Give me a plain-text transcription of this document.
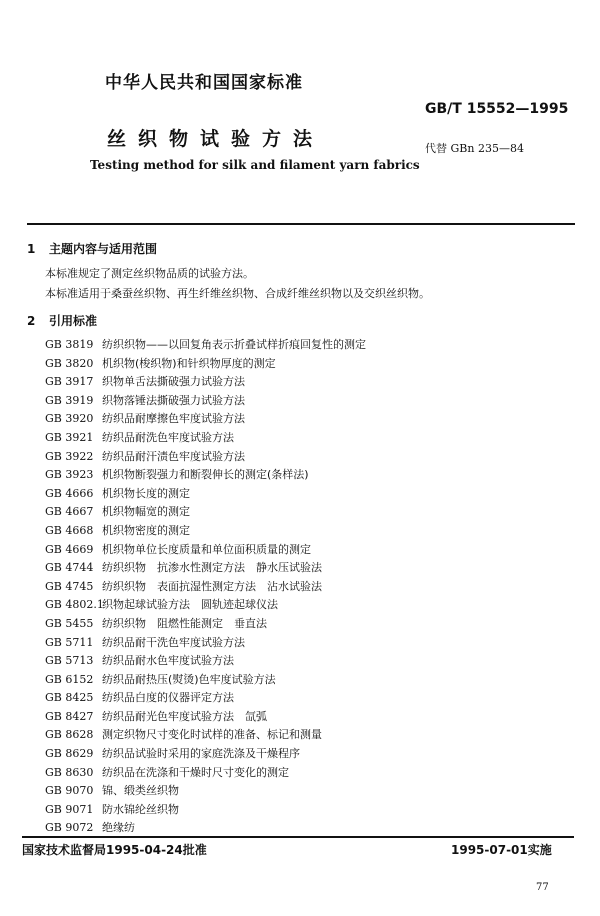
中华人民共和国国家标准
GB/T 15552—1995
丝织物试验方法	代替 GBn 235—84
Testing method for silk and filament yarn fabrics
1 主题内容与适用范围
本标准规定了测定丝织物品质的试验方法。
本标准适用于桑蚕丝织物、再生纤维丝织物、合成纤维丝织物以及交织丝织物。
2 引用标准
GB 3819 纺织织物——以回复角表示折叠试样折痕回复性的测定
GB 3820 机织物(梭织物)和针织物厚度的测定
GB 3917 织物单舌法撕破强力试验方法
GB 3919 织物落锤法撕破强力试验方法
GB 3920 纺织品耐摩擦色牢度试验方法
GB 3921 纺织品耐洗色牢度试验方法
GB 3922 纺织品耐汗渍色牢度试验方法
GB 3923 机织物断裂强力和断裂伸长的测定(条样法)
GB 4666 机织物长度的测定
GB 4667 机织物幅宽的测定
GB 4668 机织物密度的测定
GB 4669 机织物单位长度质量和单位面积质量的测定
GB 4744 纺织织物　抗渗水性测定方法　静水压试验法
GB 4745 纺织织物　表面抗湿性测定方法　沾水试验法
GB 4802.1织物起球试验方法　圆轨迹起球仪法
GB 5455 纺织织物　阻燃性能测定　垂直法
GB 5711 纺织品耐干洗色牢度试验方法
GB 5713 纺织品耐水色牢度试验方法
GB 6152 纺织品耐热压(熨烫)色牢度试验方法
GB 8425 纺织品白度的仪器评定方法
GB 8427 纺织品耐光色牢度试验方法　氙弧
GB 8628 测定织物尺寸变化时试样的准备、标记和测量
GB 8629 纺织品试验时采用的家庭洗涤及干燥程序
GB 8630 纺织品在洗涤和干燥时尺寸变化的测定
GB 9070 锦、缎类丝织物
GB 9071 防水锦纶丝织物
GB 9072 绝缘纺
国家技术监督局1995-04-24批准	1995-07-01实施
77
